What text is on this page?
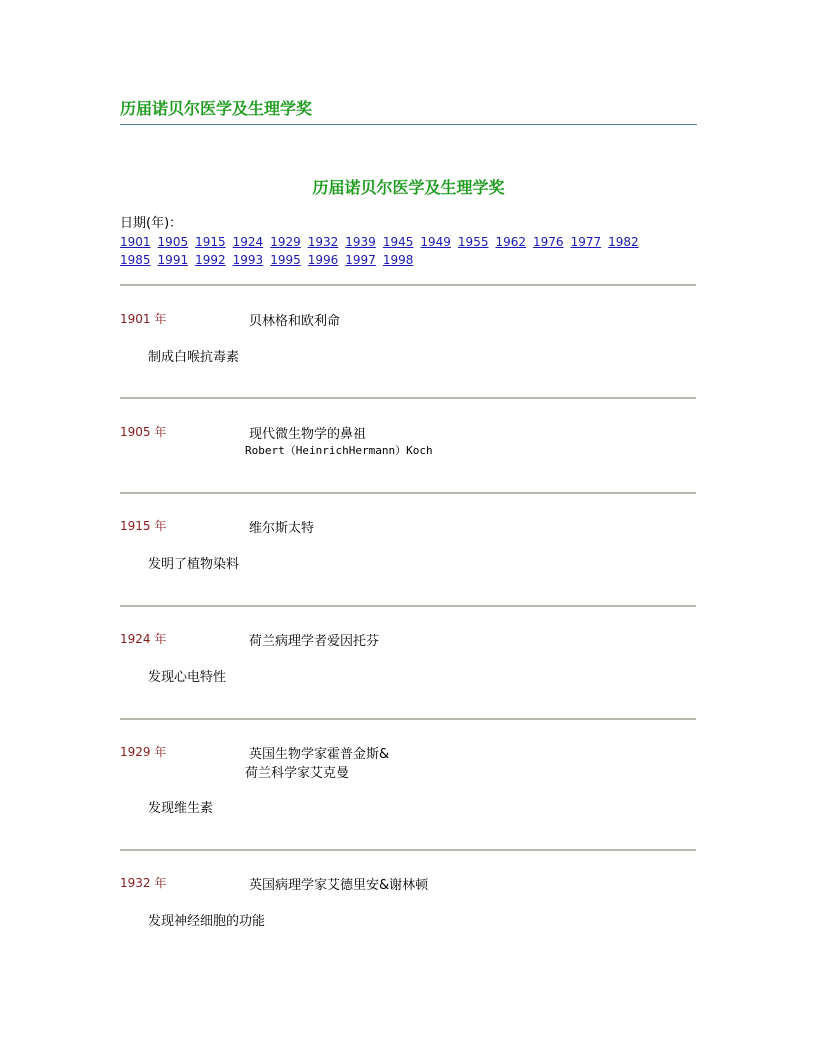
历届诺贝尔医学及生理学奖
历届诺贝尔医学及生理学奖
日期(年)：1901 1905 1915 1924 1929 1932 1939 1945 1949 1955 1962 1976 1977 1982
1985 1991 1992 1993 1995 1996 1997 1998
1901 年	贝林格和欧利命
制成白喉抗毒素
1905 年	现代微生物学的鼻祖
Robert（HeinrichHermann）Koch
1915 年	维尔斯太特
发明了植物染料
1924 年	荷兰病理学者爱因托芬
发现心电特性
1929 年	英国生物学家霍普金斯&
荷兰科学家艾克曼
发现维生素
1932 年	英国病理学家艾德里安&谢林顿
发现神经细胞的功能
